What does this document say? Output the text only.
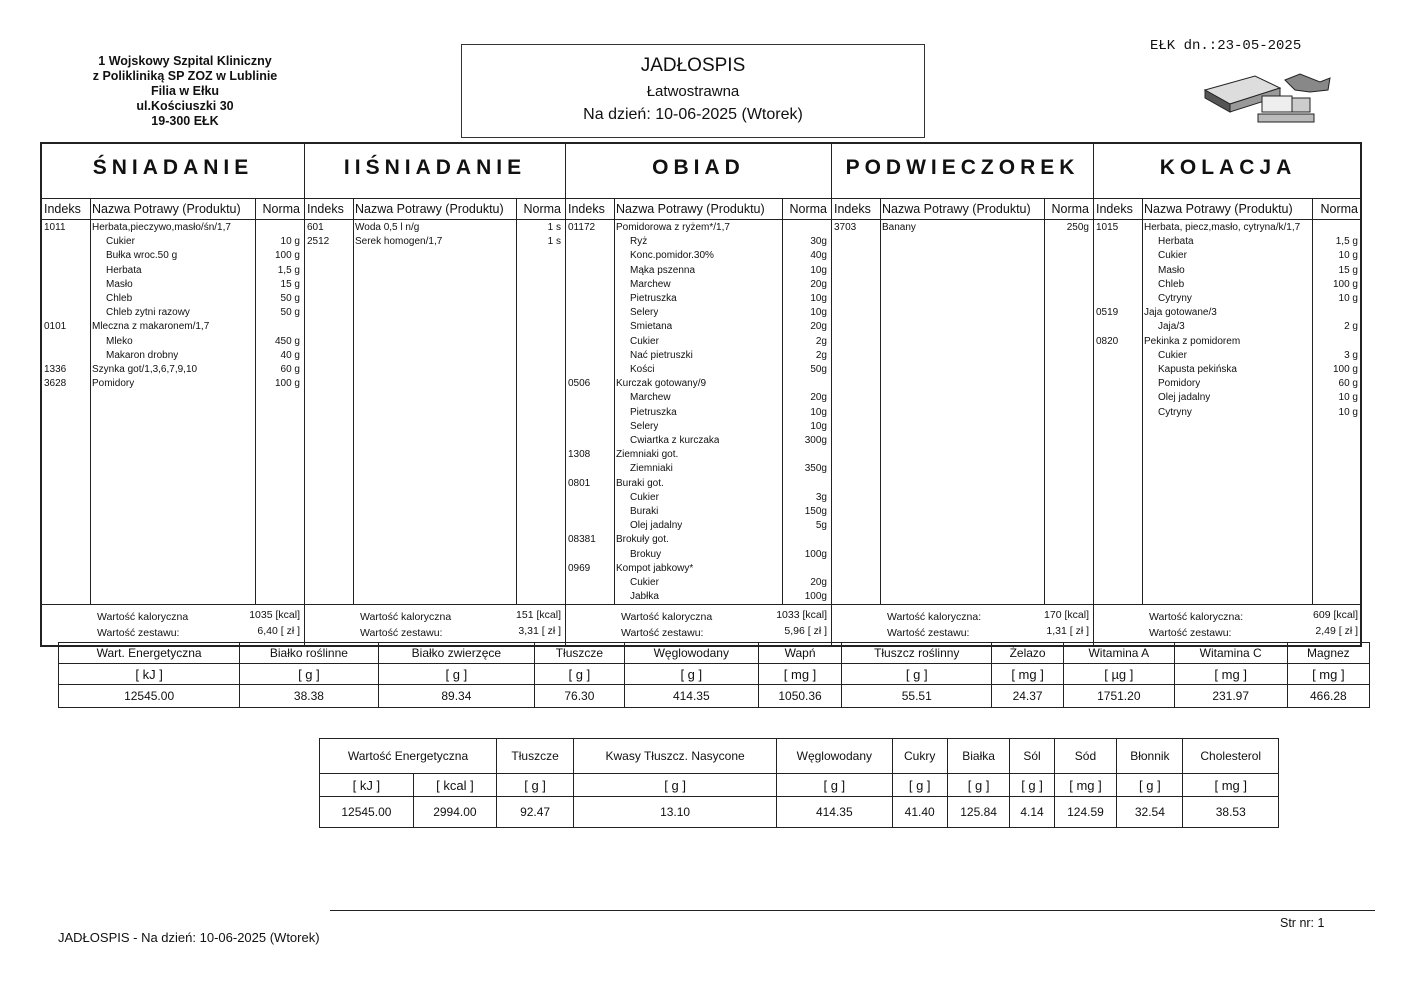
1 Wojskowy Szpital Kliniczny
z Polikliniką SP ZOZ w Lublinie
Filia w Ełku
ul.Kościuszki 30
19-300 EŁK
JADŁOSPIS
Łatwostrawna
Na dzień: 10-06-2025 (Wtorek)
EŁK dn.:23-05-2025
ŚNIADANIE
Indeks Nazwa Potrawy (Produktu) Norma
1011	Herbata,pieczywo,masło/śn/1,7
Cukier	10 g
Bułka wroc.50 g	100 g
Herbata	1,5 g
Masło	15 g
Chleb	50 g
Chleb zytni razowy	50 g
0101	Mleczna z makaronem/1,7
Mleko	450 g
Makaron drobny	40 g
1336	Szynka got/1,3,6,7,9,10	60 g
3628	Pomidory	100 g
Wartość kaloryczna	1035 [kcal]
Wartość zestawu:	6,40 [ zł ]
IIŚNIADANIE
Indeks Nazwa Potrawy (Produktu) Norma
601	Woda 0,5 l n/g	1 s
2512	Serek homogen/1,7	1 s
Wartość kaloryczna	151 [kcal]
Wartość zestawu:	3,31 [ zł ]
OBIAD
Indeks Nazwa Potrawy (Produktu) Norma
01172 Pomidorowa z ryżem*/1,7
Ryż	30g
Konc.pomidor.30%	40g
Mąka pszenna	10g
Marchew	20g
Pietruszka	10g
Selery	10g
Śmietana	20g
Cukier	2g
Nać pietruszki	2g
Kości	50g
0506	Kurczak gotowany/9
Marchew	20g
Pietruszka	10g
Selery	10g
Cwiartka z kurczaka	300g
1308	Ziemniaki got.
Ziemniaki	350g
0801	Buraki got.
Cukier	3g
Buraki	150g
Olej jadalny	5g
08381 Brokuły got.
Brokuy	100g
0969	Kompot jabkowy*
Cukier	20g
Jabłka	100g
Wartość kaloryczna	1033 [kcal]
Wartość zestawu:	5,96 [ zł ]
PODWIECZOREK
Indeks Nazwa Potrawy (Produktu) Norma
3703	Banany	250g
Wartość kaloryczna:	170 [kcal]
Wartość zestawu:	1,31 [ zł ]
KOLACJA
Indeks Nazwa Potrawy (Produktu) Norma
1015	Herbata, piecz,masło, cytryna/k/1,7
Herbata	1,5 g
Cukier	10 g
Masło	15 g
Chleb	100 g
Cytryny	10 g
0519	Jaja gotowane/3
Jaja/3	2 g
0820	Pekinka z pomidorem
Cukier	3 g
Kapusta pekińska	100 g
Pomidory	60 g
Olej jadalny	10 g
Cytryny	10 g
Wartość kaloryczna:	609 [kcal]
Wartość zestawu:	2,49 [ zł ]
Wart. Energetyczna	Białko roślinne	Białko zwierzęce	Tłuszcze	Węglowodany	Wapń	Tłuszcz roślinny	Żelazo	Witamina A	Witamina C	Magnez
[ kJ ]	[ g ]	[ g ]	[ g ]	[ g ]	[ mg ]	[ g ]	[ mg ]	[ µg ]	[ mg ]	[ mg ]
12545.00	38.38	89.34	76.30	414.35	1050.36	55.51	24.37	1751.20	231.97	466.28
Wartość Energetyczna		Tłuszcze	Kwasy Tłuszcz. Nasycone	Węglowodany	Cukry	Białka	Sól	Sód	Błonnik	Cholesterol
[ kJ ]	[ kcal ]	[ g ]	[ g ]	[ g ]	[ g ]	[ g ]	[ g ]	[ mg ]	[ g ]	[ mg ]
12545.00	2994.00	92.47	13.10	414.35	41.40	125.84	4.14	124.59	32.54	38.53
Str nr: 1
JADŁOSPIS - Na dzień: 10-06-2025 (Wtorek)
